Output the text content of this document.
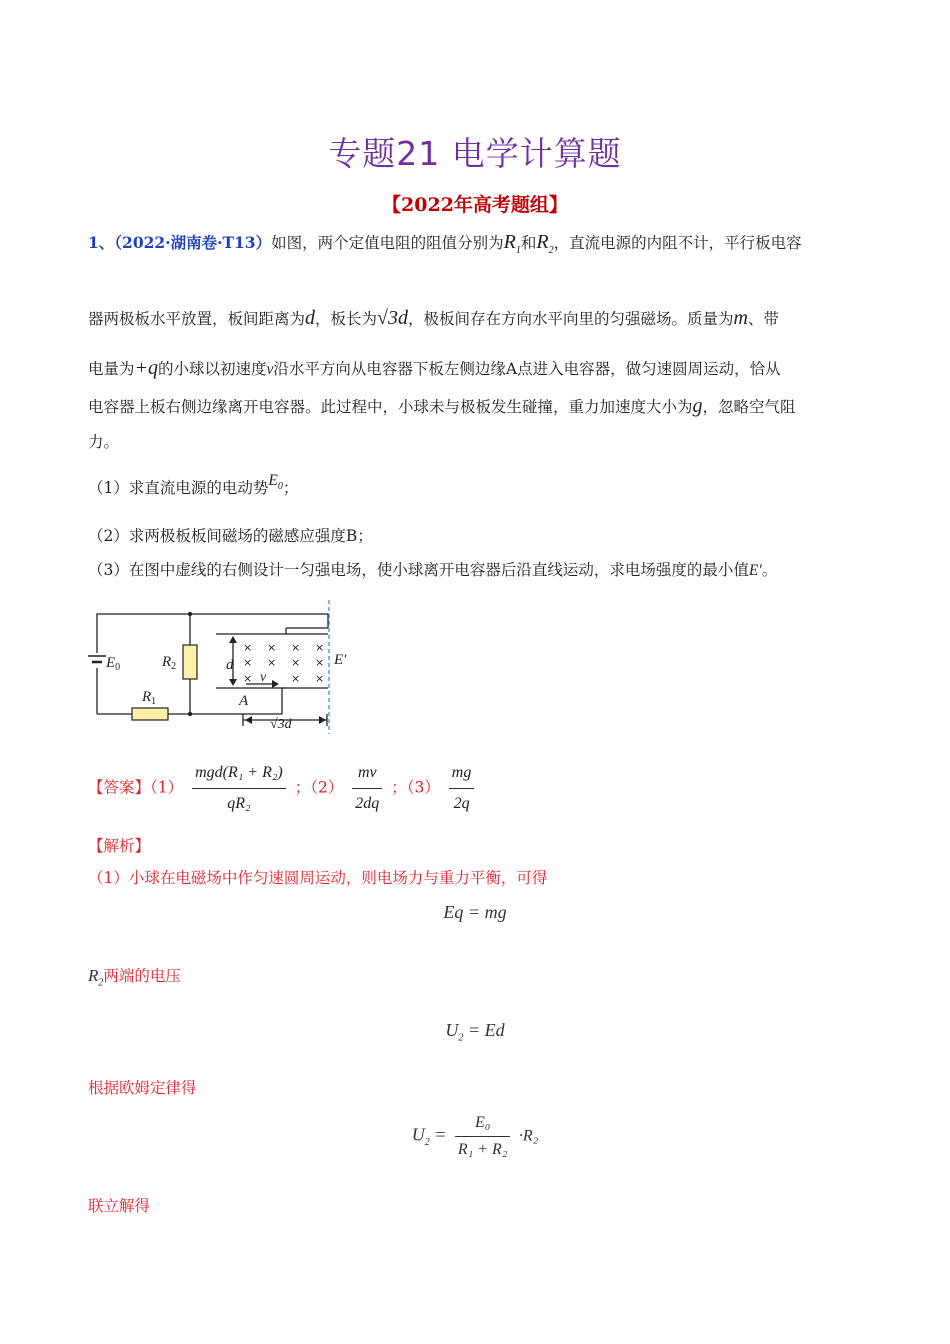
专题21 电学计算题
【2022年高考题组】
1、（2022·湖南卷·T13）如图，两个定值电阻的阻值分别为$R_1$和$R_2$，直流电源的内阻不计，平行板电容
器两极板水平放置，板间距离为d，板长为√3d，极板间存在方向水平向里的匀强磁场。质量为m、带
电量为+q的小球以初速度v沿水平方向从电容器下板左侧边缘A点进入电容器，做匀速圆周运动，恰从
电容器上板右侧边缘离开电容器。此过程中，小球未与极板发生碰撞，重力加速度大小为g，忽略空气阻
力。
（1）求直流电源的电动势$E_0$；
（2）求两极板板间磁场的磁感应强度B；
（3）在图中虚线的右侧设计一匀强电场，使小球离开电容器后沿直线运动，求电场强度的最小值E′。
× × × ×
× × × ×
×	× ×
$E_0$	$R_2$
$R_1$
d
v
A
E′
√3d
【答案】$(1) \frac{\text{mgd(R₁ + R₂)}}{\text{qR₂}}$ ；$(2) \frac{mv}{2dq}$ ；$(3) \frac{mg}{2q}$
【解析】
（1）小球在电磁场中作匀速圆周运动，则电场力与重力平衡，可得
Eq = mg
$R_2$两端的电压
$U_2 = Ed$
根据欧姆定律得
$U_2 = \frac{\text{E₀}}{\text{R₁ + R₂}} \cdot R_2$
联立解得
